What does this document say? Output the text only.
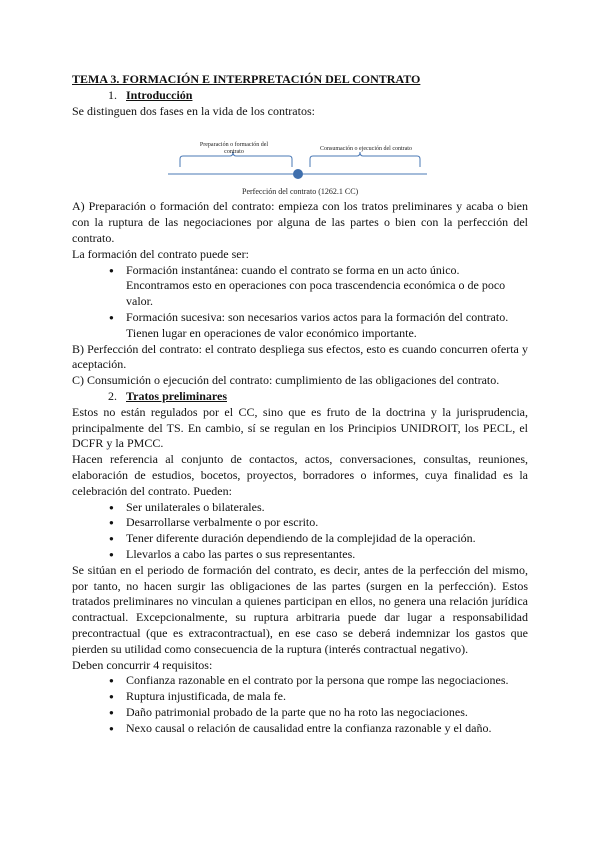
TEMA 3. FORMACIÓN E INTERPRETACIÓN DEL CONTRATO

1. Introducción

Se distinguen dos fases en la vida de los contratos:

Preparación o formación del contrato	Consumación o ejecución del contrato
Perfección del contrato (1262.1 CC)

A) Preparación o formación del contrato: empieza con los tratos preliminares y acaba o bien con la ruptura de las negociaciones por alguna de las partes o bien con la perfección del contrato.

La formación del contrato puede ser:

● Formación instantánea: cuando el contrato se forma en un acto único.
Encontramos esto en operaciones con poca trascendencia económica o de poco valor.
● Formación sucesiva: son necesarios varios actos para la formación del contrato.
Tienen lugar en operaciones de valor económico importante.

B) Perfección del contrato: el contrato despliega sus efectos, esto es cuando concurren oferta y aceptación.

C) Consumición o ejecución del contrato: cumplimiento de las obligaciones del contrato.

2. Tratos preliminares

Estos no están regulados por el CC, sino que es fruto de la doctrina y la jurisprudencia, principalmente del TS. En cambio, sí se regulan en los Principios UNIDROIT, los PECL, el DCFR y la PMCC.

Hacen referencia al conjunto de contactos, actos, conversaciones, consultas, reuniones, elaboración de estudios, bocetos, proyectos, borradores o informes, cuya finalidad es la celebración del contrato. Pueden:

● Ser unilaterales o bilaterales.
● Desarrollarse verbalmente o por escrito.
● Tener diferente duración dependiendo de la complejidad de la operación.
● Llevarlos a cabo las partes o sus representantes.

Se sitúan en el periodo de formación del contrato, es decir, antes de la perfección del mismo, por tanto, no hacen surgir las obligaciones de las partes (surgen en la perfección). Estos tratados preliminares no vinculan a quienes participan en ellos, no genera una relación jurídica contractual. Excepcionalmente, su ruptura arbitraria puede dar lugar a responsabilidad precontractual (que es extracontractual), en ese caso se deberá indemnizar los gastos que pierden su utilidad como consecuencia de la ruptura (interés contractual negativo).

Deben concurrir 4 requisitos:

● Confianza razonable en el contrato por la persona que rompe las negociaciones.
● Ruptura injustificada, de mala fe.
● Daño patrimonial probado de la parte que no ha roto las negociaciones.
● Nexo causal o relación de causalidad entre la confianza razonable y el daño.
